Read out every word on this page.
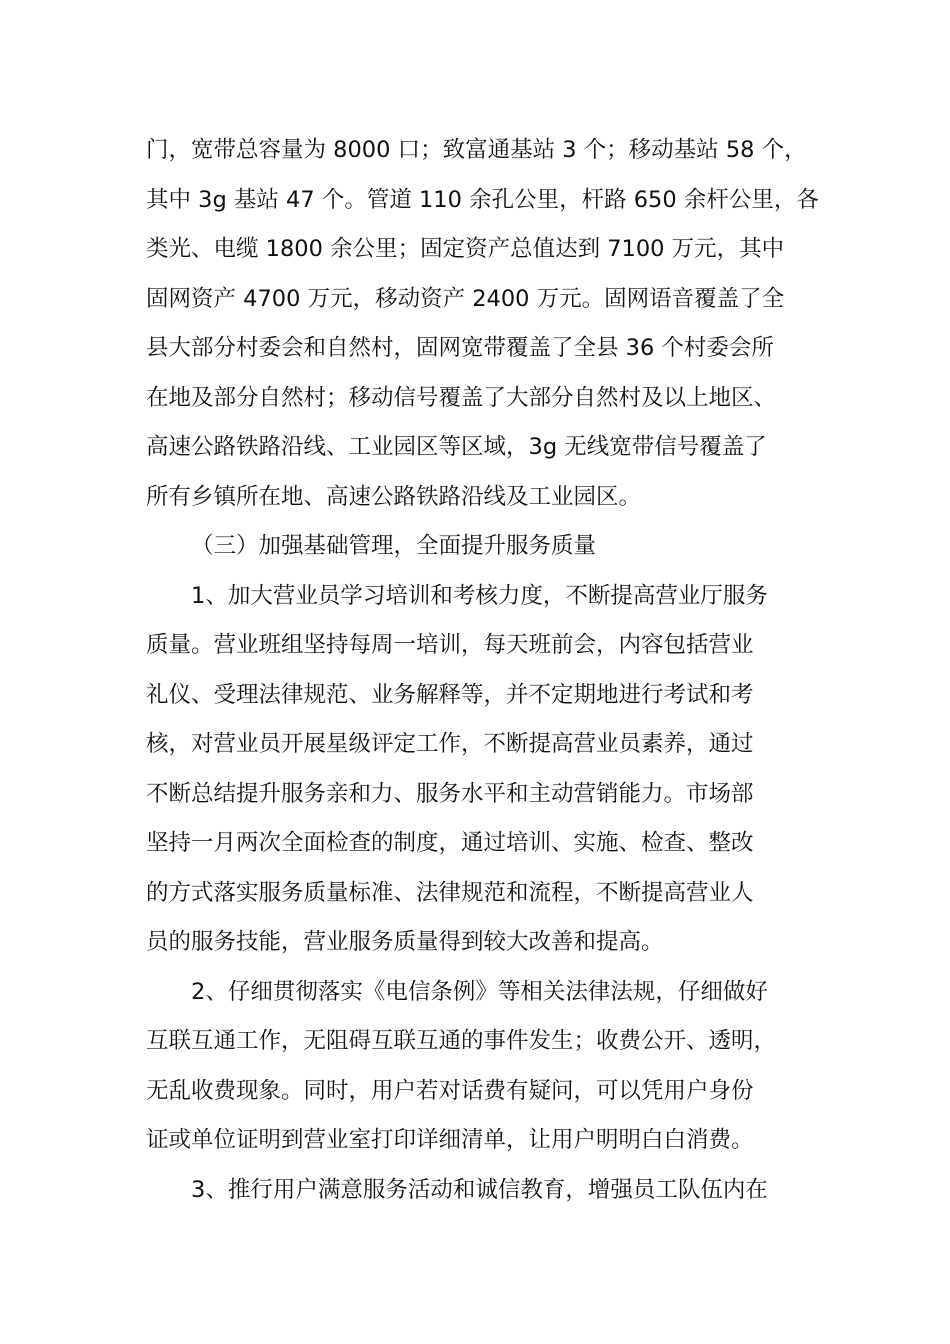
门，宽带总容量为 8000 口；致富通基站 3 个；移动基站 58 个，
其中 3g 基站 47 个。管道 110 余孔公里，杆路 650 余杆公里，各
类光、电缆 1800 余公里；固定资产总值达到 7100 万元，其中
固网资产 4700 万元，移动资产 2400 万元。固网语音覆盖了全
县大部分村委会和自然村，固网宽带覆盖了全县 36 个村委会所
在地及部分自然村；移动信号覆盖了大部分自然村及以上地区、
高速公路铁路沿线、工业园区等区域，3g 无线宽带信号覆盖了
所有乡镇所在地、高速公路铁路沿线及工业园区。
（三）加强基础管理，全面提升服务质量
1、加大营业员学习培训和考核力度，不断提高营业厅服务
质量。营业班组坚持每周一培训，每天班前会，内容包括营业
礼仪、受理法律规范、业务解释等，并不定期地进行考试和考
核，对营业员开展星级评定工作，不断提高营业员素养，通过
不断总结提升服务亲和力、服务水平和主动营销能力。市场部
坚持一月两次全面检查的制度，通过培训、实施、检查、整改
的方式落实服务质量标准、法律规范和流程，不断提高营业人
员的服务技能，营业服务质量得到较大改善和提高。
2、仔细贯彻落实《电信条例》等相关法律法规，仔细做好
互联互通工作，无阻碍互联互通的事件发生；收费公开、透明，
无乱收费现象。同时，用户若对话费有疑问，可以凭用户身份
证或单位证明到营业室打印详细清单，让用户明明白白消费。
3、推行用户满意服务活动和诚信教育，增强员工队伍内在
